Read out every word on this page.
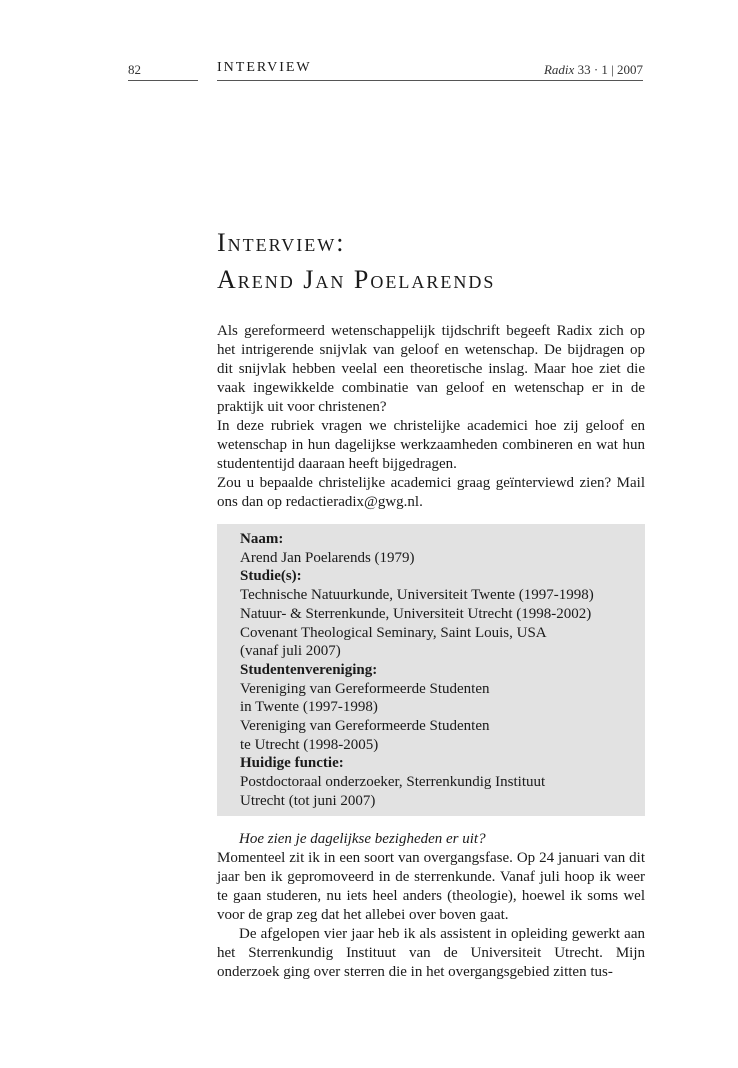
82	INTERVIEW	Radix 33 · 1 | 2007
Interview:
Arend Jan Poelarends

Als gereformeerd wetenschappelijk tijdschrift begeeft Radix zich op het intrigerende snijvlak van geloof en wetenschap. De bijdragen op dit snijvlak hebben veelal een theoretische inslag. Maar hoe ziet die vaak ingewikkelde combinatie van geloof en wetenschap er in de praktijk uit voor christenen?

In deze rubriek vragen we christelijke academici hoe zij geloof en wetenschap in hun dagelijkse werkzaamheden combineren en wat hun studententijd daaraan heeft bijgedragen.

Zou u bepaalde christelijke academici graag geïnterviewd zien? Mail ons dan op redactieradix@gwg.nl.

Naam:
Arend Jan Poelarends (1979)
Studie(s):
Technische Natuurkunde, Universiteit Twente (1997-1998)
Natuur- & Sterrenkunde, Universiteit Utrecht (1998-2002)
Covenant Theological Seminary, Saint Louis, USA
(vanaf juli 2007)
Studentenvereniging:
Vereniging van Gereformeerde Studenten
in Twente (1997-1998)
Vereniging van Gereformeerde Studenten
te Utrecht (1998-2005)
Huidige functie:
Postdoctoraal onderzoeker, Sterrenkundig Instituut
Utrecht (tot juni 2007)

Hoe zien je dagelijkse bezigheden er uit?

Momenteel zit ik in een soort van overgangsfase. Op 24 januari van dit jaar ben ik gepromoveerd in de sterrenkunde. Vanaf juli hoop ik weer te gaan studeren, nu iets heel anders (theologie), hoewel ik soms wel voor de grap zeg dat het allebei over boven gaat.

De afgelopen vier jaar heb ik als assistent in opleiding gewerkt aan het Sterrenkundig Instituut van de Universiteit Utrecht. Mijn onderzoek ging over sterren die in het overgangsgebied zitten tus-
